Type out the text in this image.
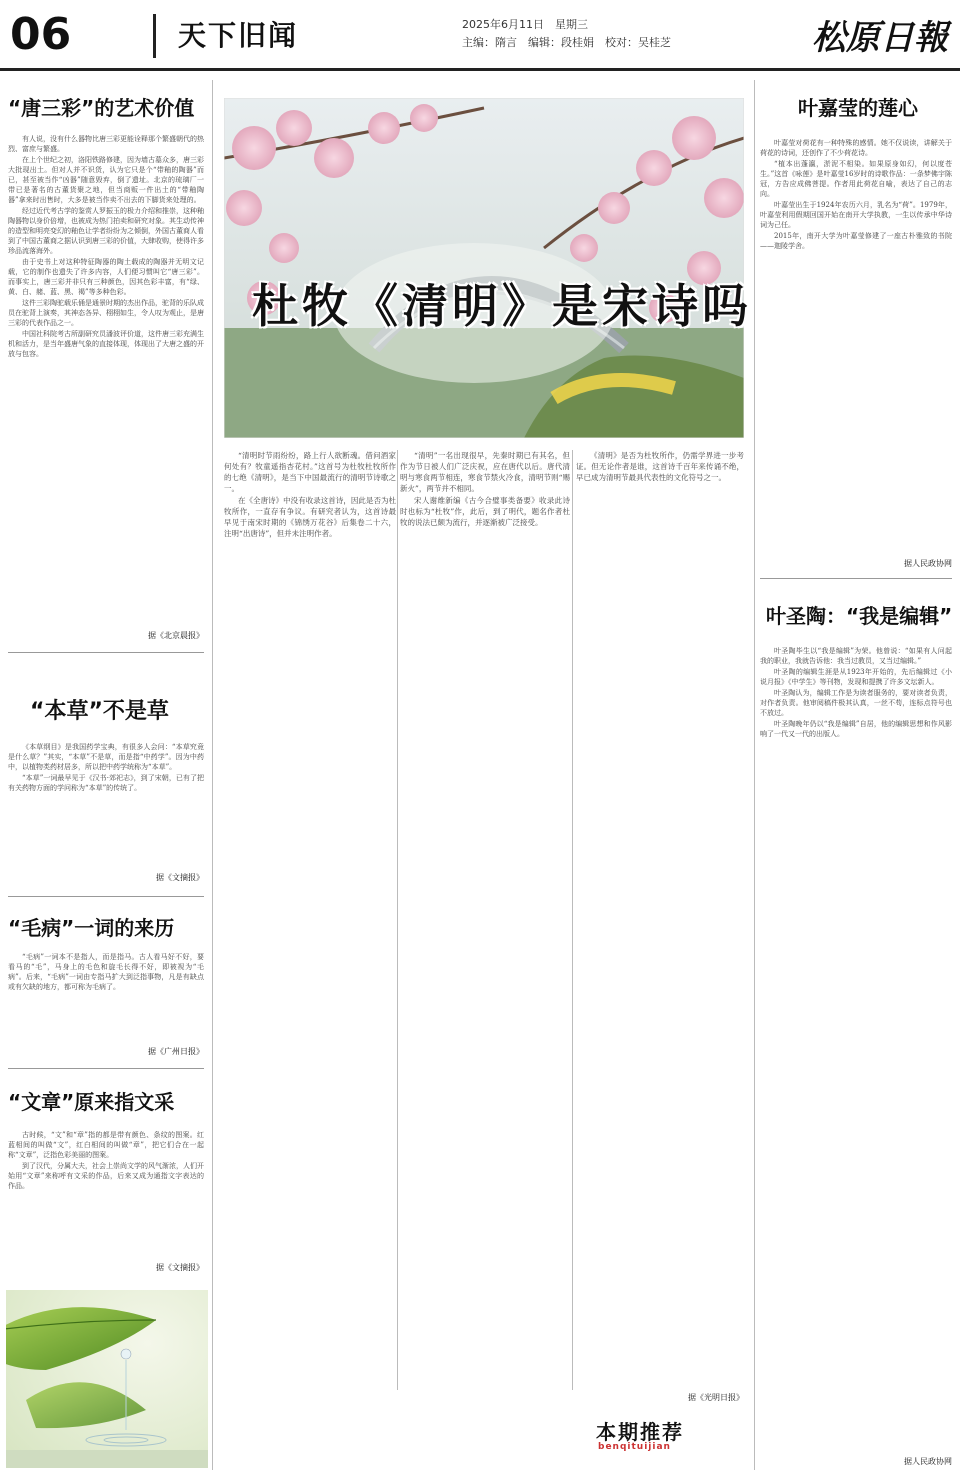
06	天下旧闻	2025年6月11日　星期三
主编：隋言　编辑：段桂娟　校对：吴桂芝	松原日報
“唐三彩”的艺术价值

有人说，没有什么器物比唐三彩更能诠释那个繁盛朝代的热烈、富庶与繁盛。

在上个世纪之初，洛阳铁路修建，因为墙古墓众多，唐三彩大批现出土。但对人并不识货，认为它只是个“带釉的陶器”而已，甚至被当作“凶器”随意毁弃，倒了遗址。北京的琉璃厂一带已是著名的古董货聚之地，但当商贩一件出土的“带釉陶器”拿来时出售时，大多是被当作卖不出去的下脚货来处理的。

经过近代考古学的鉴赏人罗振玉的极力介绍和推崇，这种釉陶器物以身价倍增，也被成为热门拍卖和研究对象。其生动传神的造型和明亮变幻的釉色让学者纷纷为之倾倒，外国古董商人看到了中国古董商之据认识到唐三彩的价值，大肆收购，使得许多珍品流落海外。

由于史书上对这种特征陶器的陶土载成的陶器并无明文记载，它的制作也遗失了许多内容，人们便习惯叫它“唐三彩”。而事实上，唐三彩并非只有三种颜色，因其色彩丰富，有“绿、黄、白、赭、蓝、黑、褐”等多种色彩。

这件三彩陶驼载乐俑是通景时期的杰出作品，驼背的乐队成员在驼背上演奏，其神态各异、栩栩如生，令人叹为观止，是唐三彩的代表作品之一。

中国社科院考古所副研究员潘波评价道，这件唐三彩充满生机和活力，是当年盛唐气象的直接体现，体现出了大唐之盛的开放与包容。

据《北京晨报》
“本草”不是草

《本草纲目》是我国药学宝典，有很多人会问：“本草究竟是什么草？”其实，“本草”不是草，而是指“中药学”。因为中药中，以植物类药材居多，所以把中药学统称为“本草”。

“本草”一词最早见于《汉书·郊祀志》，到了宋朝，已有了把有关药物方面的学问称为“本草”的传统了。

据《文摘报》
“毛病”一词的来历

“毛病”一词本不是指人，而是指马。古人看马好不好，要看马的“毛”，马身上的毛色和旋毛长得不好，即被视为“毛病”。后来，“毛病”一词由专指马扩大到泛指事物，凡是有缺点或有欠缺的地方，都可称为毛病了。

据《广州日报》
“文章”原来指文采

古时候，“文”和“章”指的都是带有颜色、条纹的图案。红蓝相间的叫做“文”，红白相间的叫做“章”，把它们合在一起称“文章”，泛指色彩美丽的图案。

到了汉代，分属大夫，社会上崇尚文学的风气渐浓，人们开始用“文章”来称呼有文采的作品，后来又成为通指文字表达的作品。

据《文摘报》
杜牧《清明》是宋诗吗

“清明时节雨纷纷，路上行人欲断魂。借问酒家何处有？牧童遥指杏花村。”这首号为杜牧杜牧所作的七绝《清明》，是当下中国最流行的清明节诗歌之一。

在《全唐诗》中没有收录这首诗，因此是否为杜牧所作，一直存有争议。有研究者认为，这首诗最早见于南宋时期的《锦绣万花谷》后集卷二十六，注明“出唐诗”，但并未注明作者。

“清明”一名出现很早，先秦时期已有其名，但作为节日被人们广泛庆祝，应在唐代以后。唐代清明与寒食两节相连，寒食节禁火冷食，清明节则“赐新火”，两节并不相同。

宋人谢维新编《古今合璧事类备要》收录此诗时也标为“杜牧”作，此后，到了明代，题名作者杜牧的说法已颇为流行，并逐渐被广泛接受。

《清明》是否为杜牧所作，仍需学界进一步考证。但无论作者是谁，这首诗千百年来传诵不绝，早已成为清明节最具代表性的文化符号之一。

据《光明日报》
本期推荐
benqituijian
叶嘉莹的莲心

叶嘉莹对荷花有一种特殊的感情。她不仅说读，讲解关于荷花的诗词，还创作了不少荷花诗。

“植本出蓬瀛，淤泥不相染。如果原身如幻，何以度苍生。”这首《咏莲》是叶嘉莹16岁时的诗歌作品：一条梦佛宇陈冠，方告应成佛菩提。作者用此荷花自喻，表达了自己的志向。

叶嘉莹出生于1924年农历六月，乳名为“荷”。1979年，叶嘉莹利用假期回国开始在南开大学执教，一生以传承中华诗词为己任。

2015年，南开大学为叶嘉莹修建了一座古朴雅致的书院——迦陵学舍。

据人民政协网
叶圣陶：“我是编辑”

叶圣陶毕生以“我是编辑”为荣。他曾说：“如果有人问起我的职业，我就告诉他：我当过教员，又当过编辑。”

叶圣陶的编辑生涯是从1923年开始的，先后编辑过《小说月报》《中学生》等刊物，发现和提携了许多文坛新人。

叶圣陶认为，编辑工作是为读者服务的，要对读者负责，对作者负责。他审阅稿件极其认真，一丝不苟，连标点符号也不放过。

叶圣陶晚年仍以“我是编辑”自居，他的编辑思想和作风影响了一代又一代的出版人。

据人民政协网
